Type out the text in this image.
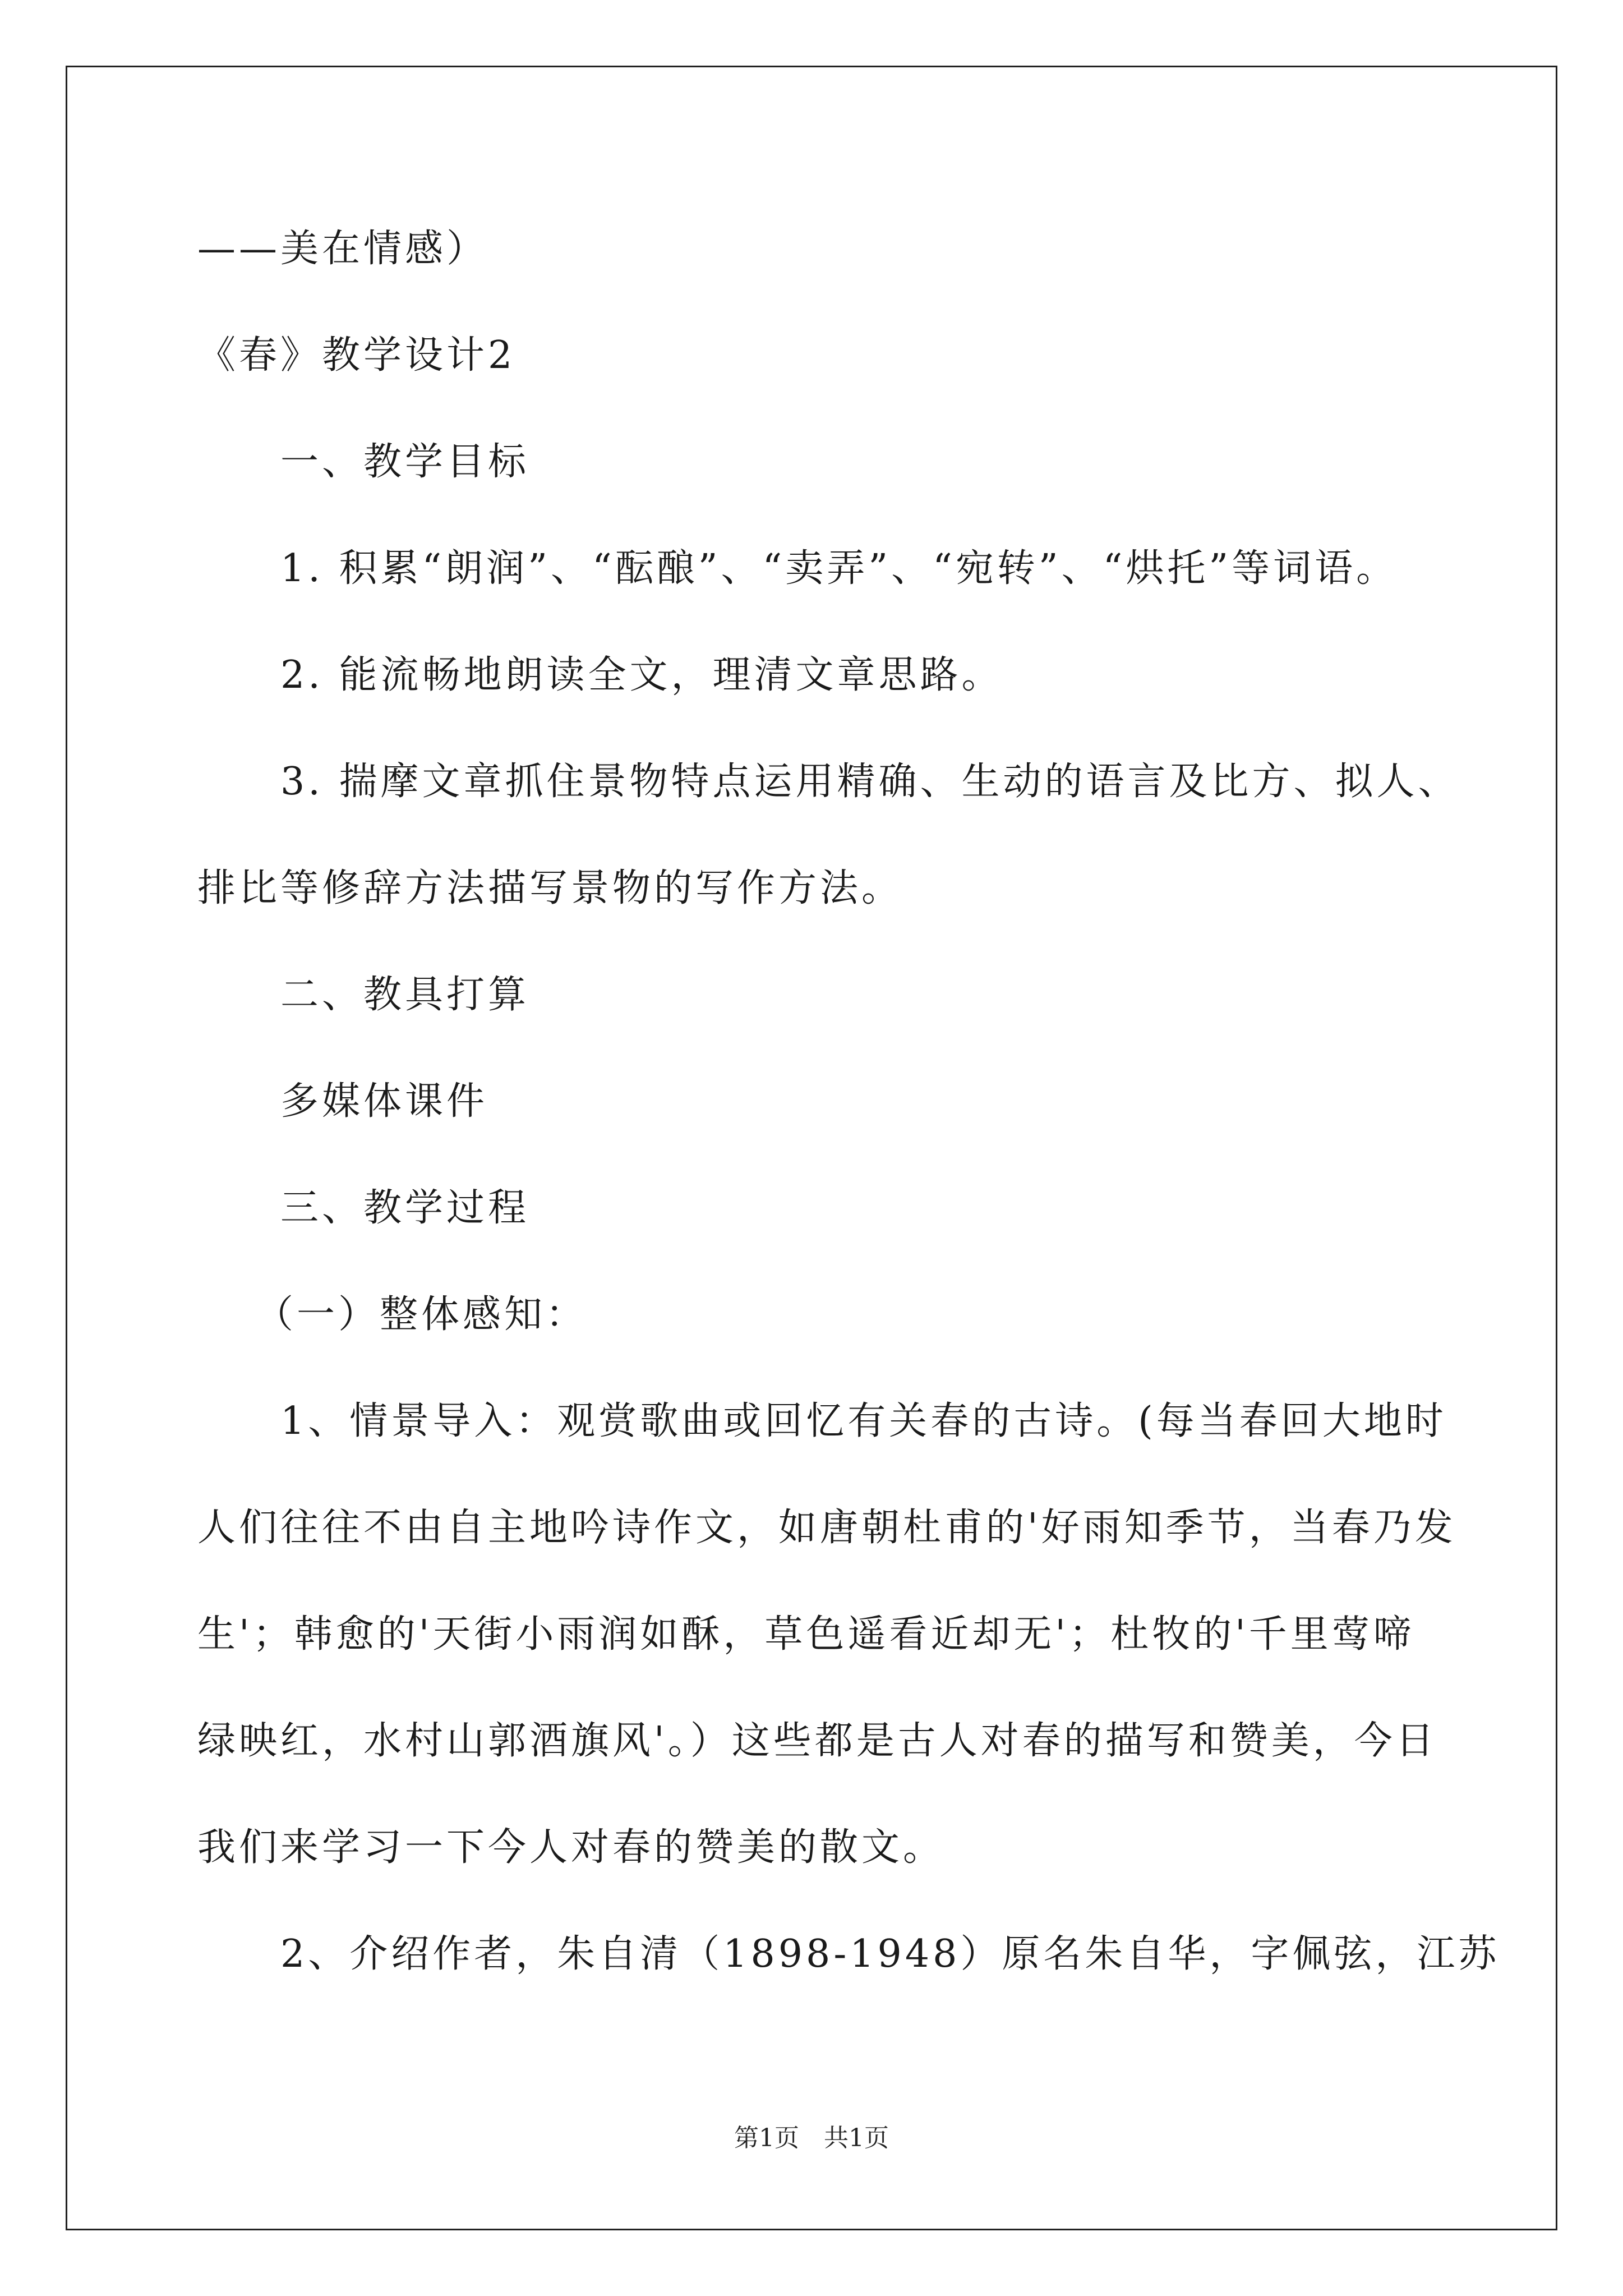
——美在情感）
《春》教学设计2
一、教学目标
1. 积累“朗润”、“酝酿”、“卖弄”、“宛转”、“烘托”等词语。
2. 能流畅地朗读全文，理清文章思路。
3. 揣摩文章抓住景物特点运用精确、生动的语言及比方、拟人、
排比等修辞方法描写景物的写作方法。
二、教具打算
多媒体课件
三、教学过程
（一）整体感知：
1、情景导入：观赏歌曲或回忆有关春的古诗。(每当春回大地时
人们往往不由自主地吟诗作文，如唐朝杜甫的'好雨知季节，当春乃发
生'；韩愈的'天街小雨润如酥，草色遥看近却无'；杜牧的'千里莺啼
绿映红，水村山郭酒旗风'。）这些都是古人对春的描写和赞美，今日
我们来学习一下今人对春的赞美的散文。
2、介绍作者，朱自清（1898-1948）原名朱自华，字佩弦，江苏
第1页　共1页
